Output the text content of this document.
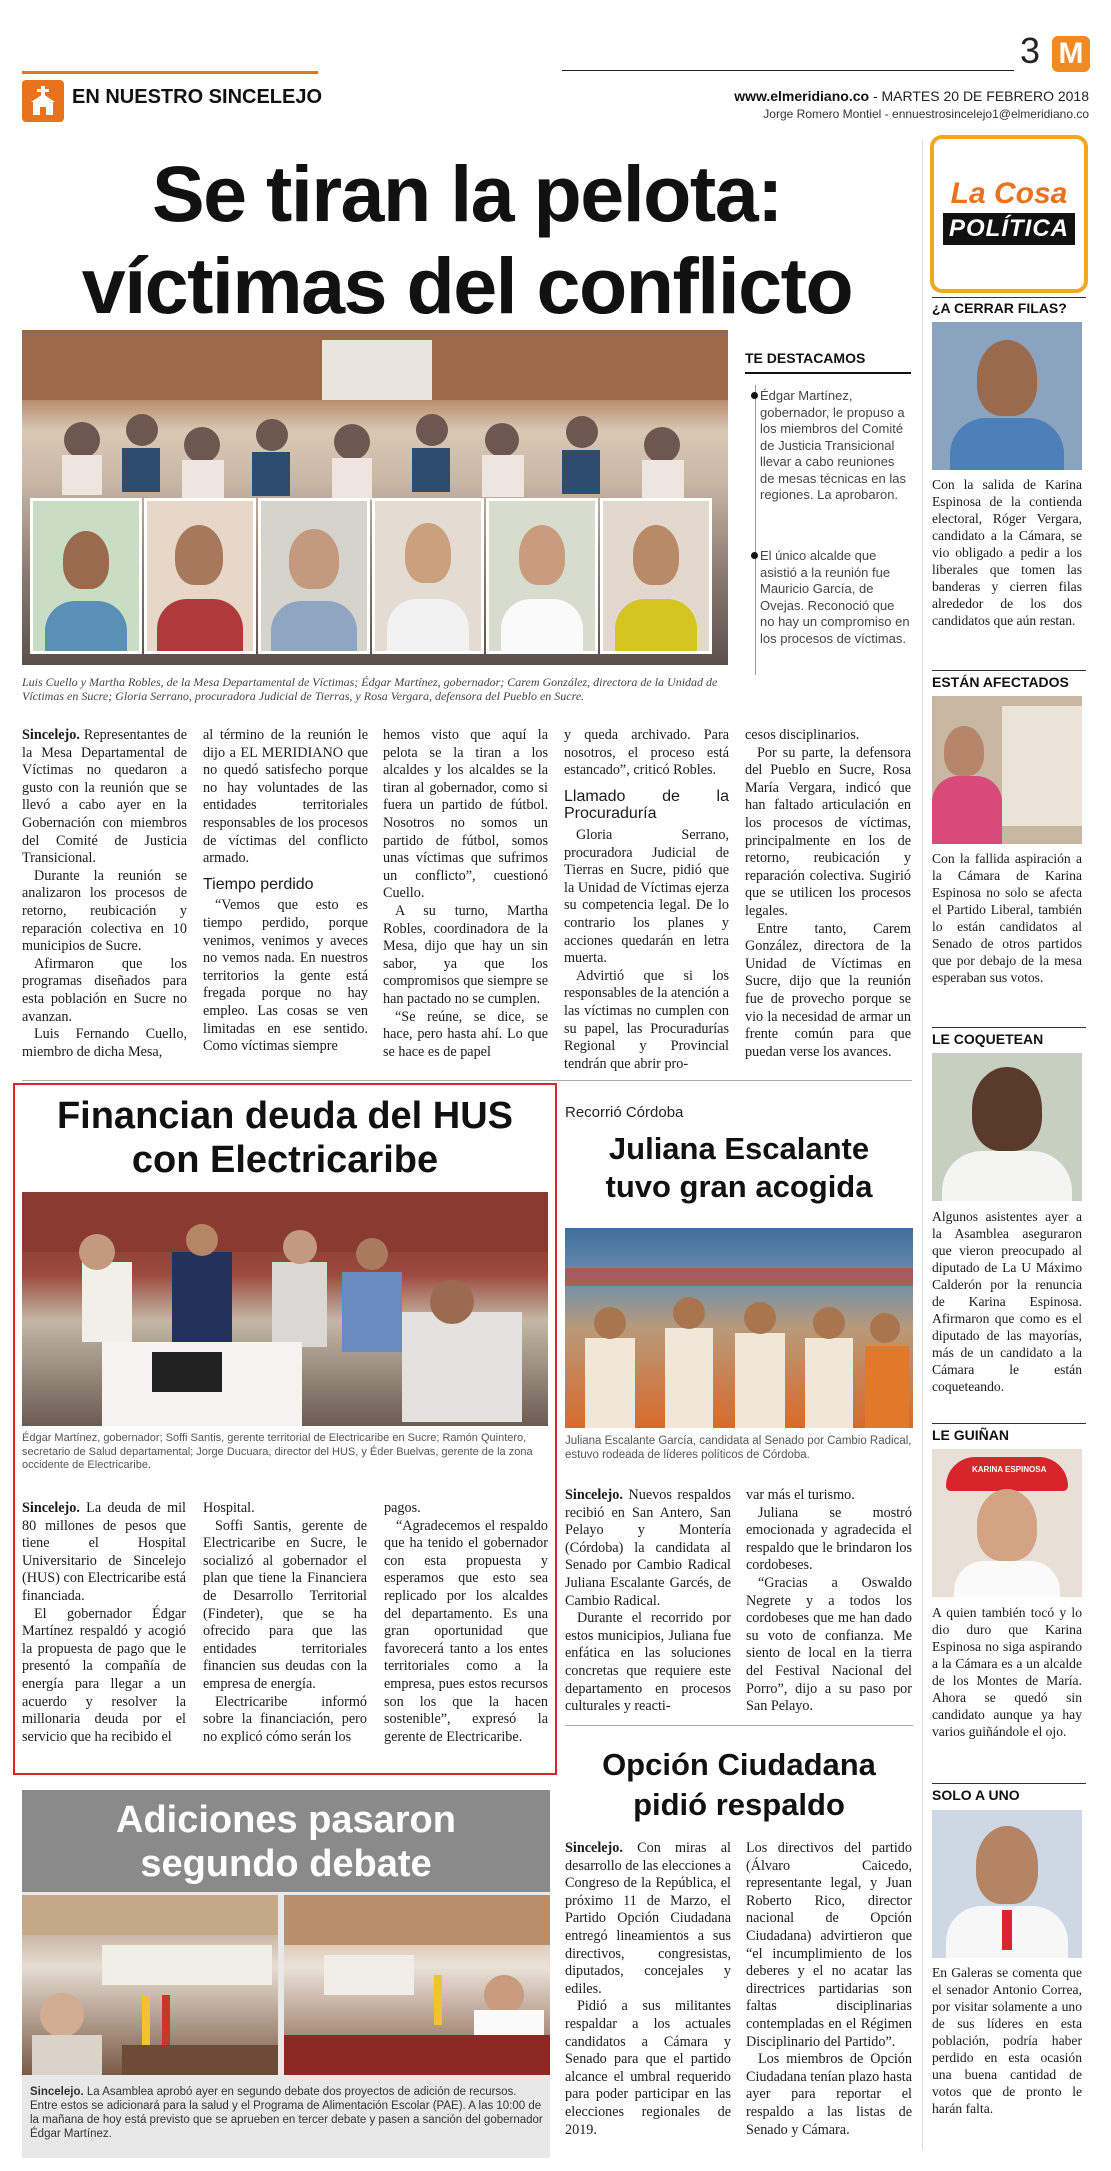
EN NUESTRO SINCELEJO
3 M
www.elmeridiano.co - MARTES 20 DE FEBRERO 2018
Jorge Romero Montiel - ennuestrosincelejo1@elmeridiano.co
Se tiran la pelota:
víctimas del conflicto
Luis Cuello y Martha Robles, de la Mesa Departamental de Víctimas; Édgar Martínez, gobernador; Carem González, directora de la Unidad de Víctimas en Sucre; Gloria Serrano, procuradora Judicial de Tierras, y Rosa Vergara, defensora del Pueblo en Sucre.
TE DESTACAMOS
Édgar Martínez, gobernador, le propuso a los miembros del Comité de Justicia Transicional llevar a cabo reuniones de mesas técnicas en las regiones. La aprobaron.
El único alcalde que asistió a la reunión fue Mauricio García, de Ovejas. Reconoció que no hay un compromiso en los procesos de víctimas.

Sincelejo. Representantes de la Mesa Departamental de Víctimas no quedaron a gusto con la reunión que se llevó a cabo ayer en la Gobernación con miembros del Comité de Justicia Transicional.

Durante la reunión se analizaron los procesos de retorno, reubicación y reparación colectiva en 10 municipios de Sucre.

Afirmaron que los programas diseñados para esta población en Sucre no avanzan.

Luis Fernando Cuello, miembro de dicha Mesa,

al término de la reunión le dijo a EL MERIDIANO que no quedó satisfecho porque no hay voluntades de las entidades territoriales responsables de los procesos de víctimas del conflicto armado.

Tiempo perdido

“Vemos que esto es tiempo perdido, porque venimos, venimos y aveces no vemos nada. En nuestros territorios la gente está fregada porque no hay empleo. Las cosas se ven limitadas en ese sentido. Como víctimas siempre

hemos visto que aquí la pelota se la tiran a los alcaldes y los alcaldes se la tiran al gobernador, como si fuera un partido de fútbol. Nosotros no somos un partido de fútbol, somos unas víctimas que sufrimos un conflicto”, cuestionó Cuello.

A su turno, Martha Robles, coordinadora de la Mesa, dijo que hay un sin sabor, ya que los compromisos que siempre se han pactado no se cumplen.

“Se reúne, se dice, se hace, pero hasta ahí. Lo que se hace es de papel

y queda archivado. Para nosotros, el proceso está estancado”, criticó Robles.

Llamado de la Procuraduría

Gloria Serrano, procuradora Judicial de Tierras en Sucre, pidió que la Unidad de Víctimas ejerza su competencia legal. De lo contrario los planes y acciones quedarán en letra muerta.

Advirtió que si los responsables de la atención a las víctimas no cumplen con su papel, las Procuradurías Regional y Provincial tendrán que abrir pro-

cesos disciplinarios.

Por su parte, la defensora del Pueblo en Sucre, Rosa María Vergara, indicó que han faltado articulación en los procesos de víctimas, principalmente en los de retorno, reubicación y reparación colectiva. Sugirió que se utilicen los procesos legales.

Entre tanto, Carem González, directora de la Unidad de Víctimas en Sucre, dijo que la reunión fue de provecho porque se vio la necesidad de armar un frente común para que puedan verse los avances.

Financian deuda del HUS
con Electricaribe
Édgar Martínez, gobernador; Soffi Santis, gerente territorial de Electricaribe en Sucre; Ramón Quintero, secretario de Salud departamental; Jorge Ducuara, director del HUS, y Éder Buelvas, gerente de la zona occidente de Electricaribe.

Sincelejo. La deuda de mil 80 millones de pesos que tiene el Hospital Universitario de Sincelejo (HUS) con Electricaribe está financiada.

El gobernador Édgar Martínez respaldó y acogió la propuesta de pago que le presentó la compañía de energía para llegar a un acuerdo y resolver la millonaria deuda por el servicio que ha recibido el

Hospital.

Soffi Santis, gerente de Electricaribe en Sucre, le socializó al gobernador el plan que tiene la Financiera de Desarrollo Territorial (Findeter), que se ha ofrecido para que las entidades territoriales financien sus deudas con la empresa de energía.

Electricaribe informó sobre la financiación, pero no explicó cómo serán los

pagos.

“Agradecemos el respaldo que ha tenido el gobernador con esta propuesta y esperamos que esto sea replicado por los alcaldes del departamento. Es una gran oportunidad que favorecerá tanto a los entes territoriales como a la empresa, pues estos recursos son los que la hacen sostenible”, expresó la gerente de Electricaribe.

Recorrió Córdoba
Juliana Escalante
tuvo gran acogida
Juliana Escalante García, candidata al Senado por Cambio Radical, estuvo rodeada de líderes políticos de Córdoba.

Sincelejo. Nuevos respaldos recibió en San Antero, San Pelayo y Montería (Córdoba) la candidata al Senado por Cambio Radical Juliana Escalante Garcés, de Cambio Radical.

Durante el recorrido por estos municipios, Juliana fue enfática en las soluciones concretas que requiere este departamento en procesos culturales y reacti-

var más el turismo.

Juliana se mostró emocionada y agradecida el respaldo que le brindaron los cordobeses.

“Gracias a Oswaldo Negrete y a todos los cordobeses que me han dado su voto de confianza. Me siento de local en la tierra del Festival Nacional del Porro”, dijo a su paso por San Pelayo.

Adiciones pasaron
segundo debate
Sincelejo. La Asamblea aprobó ayer en segundo debate dos proyectos de adición de recursos. Entre estos se adicionará para la salud y el Programa de Alimentación Escolar (PAE). A las 10:00 de la mañana de hoy está previsto que se aprueben en tercer debate y pasen a sanción del gobernador Édgar Martínez.
Opción Ciudadana
pidió respaldo

Sincelejo. Con miras al desarrollo de las elecciones a Congreso de la República, el próximo 11 de Marzo, el Partido Opción Ciudadana entregó lineamientos a sus directivos, congresistas, diputados, concejales y ediles.

Pidió a sus militantes respaldar a los actuales candidatos a Cámara y Senado para que el partido alcance el umbral requerido para poder participar en las elecciones regionales de 2019.

Los directivos del partido (Álvaro Caicedo, representante legal, y Juan Roberto Rico, director nacional de Opción Ciudadana) advirtieron que “el incumplimiento de los deberes y el no acatar las directrices partidarias son faltas disciplinarias contempladas en el Régimen Disciplinario del Partido”.

Los miembros de Opción Ciudadana tenían plazo hasta ayer para reportar el respaldo a las listas de Senado y Cámara.

La Cosa
POLÍTICA
¿A CERRAR FILAS?
Con la salida de Karina Espinosa de la contienda electoral, Róger Vergara, candidato a la Cámara, se vio obligado a pedir a los liberales que tomen las banderas y cierren filas alrededor de los dos candidatos que aún restan.
ESTÁN AFECTADOS
Con la fallida aspiración a la Cámara de Karina Espinosa no solo se afecta el Partido Liberal, también lo están candidatos al Senado de otros partidos que por debajo de la mesa esperaban sus votos.
LE COQUETEAN
Algunos asistentes ayer a la Asamblea aseguraron que vieron preocupado al diputado de La U Máximo Calderón por la renuncia de Karina Espinosa. Afirmaron que como es el diputado de las mayorías, más de un candidato a la Cámara le están coqueteando.
LE GUIÑAN
KARINA ESPINOSA
A quien también tocó y lo dio duro que Karina Espinosa no siga aspirando a la Cámara es a un alcalde de los Montes de María. Ahora se quedó sin candidato aunque ya hay varios guiñándole el ojo.
SOLO A UNO
En Galeras se comenta que el senador Antonio Correa, por visitar solamente a uno de sus líderes en esta población, podría haber perdido en esta ocasión una buena cantidad de votos que de pronto le harán falta.
